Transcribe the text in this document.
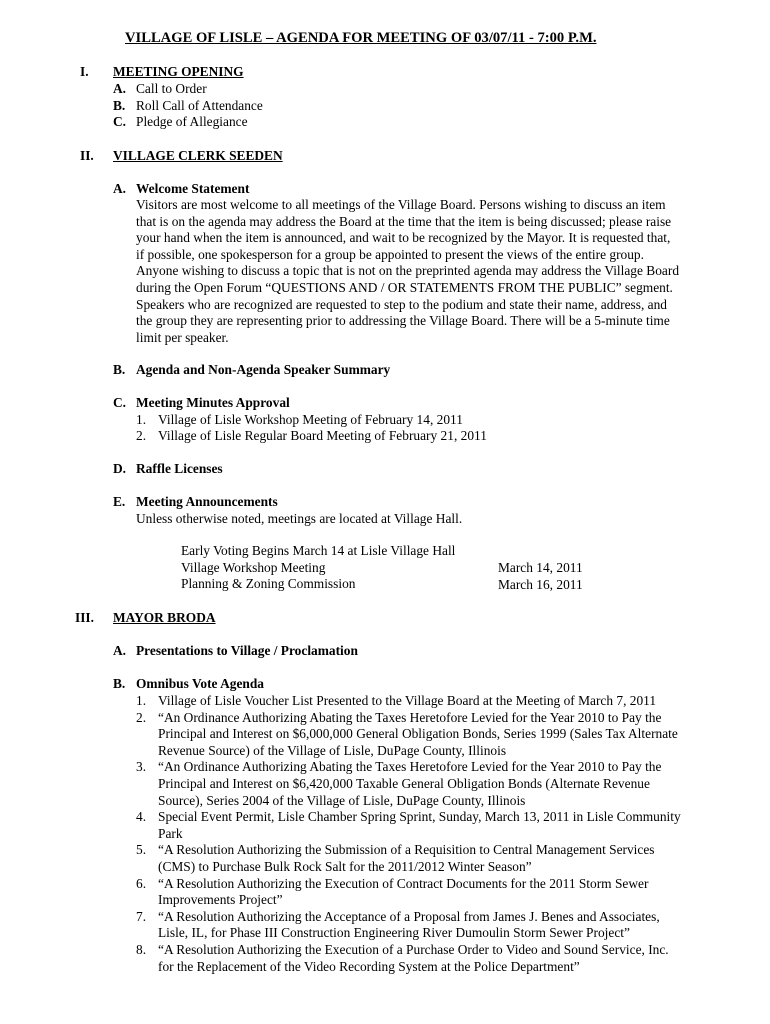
VILLAGE OF LISLE – AGENDA FOR MEETING OF 03/07/11 - 7:00 P.M.
I. MEETING OPENING
A. Call to Order
B. Roll Call of Attendance
C. Pledge of Allegiance
II. VILLAGE CLERK SEEDEN
A. Welcome Statement
Visitors are most welcome to all meetings of the Village Board. Persons wishing to discuss an item
that is on the agenda may address the Board at the time that the item is being discussed; please raise
your hand when the item is announced, and wait to be recognized by the Mayor. It is requested that,
if possible, one spokesperson for a group be appointed to present the views of the entire group.
Anyone wishing to discuss a topic that is not on the preprinted agenda may address the Village Board
during the Open Forum “QUESTIONS AND / OR STATEMENTS FROM THE PUBLIC” segment.
Speakers who are recognized are requested to step to the podium and state their name, address, and
the group they are representing prior to addressing the Village Board. There will be a 5-minute time
limit per speaker.
B. Agenda and Non-Agenda Speaker Summary
C. Meeting Minutes Approval
1. Village of Lisle Workshop Meeting of February 14, 2011
2. Village of Lisle Regular Board Meeting of February 21, 2011
D. Raffle Licenses
E. Meeting Announcements
Unless otherwise noted, meetings are located at Village Hall.
Early Voting Begins March 14 at Lisle Village Hall
Village Workshop Meeting
Planning & Zoning Commission
March 14, 2011
March 16, 2011
III. MAYOR BRODA
A. Presentations to Village / Proclamation
B. Omnibus Vote Agenda
1. Village of Lisle Voucher List Presented to the Village Board at the Meeting of March 7, 2011
2. “An Ordinance Authorizing Abating the Taxes Heretofore Levied for the Year 2010 to Pay the
Principal and Interest on $6,000,000 General Obligation Bonds, Series 1999 (Sales Tax Alternate
Revenue Source) of the Village of Lisle, DuPage County, Illinois
3. “An Ordinance Authorizing Abating the Taxes Heretofore Levied for the Year 2010 to Pay the
Principal and Interest on $6,420,000 Taxable General Obligation Bonds (Alternate Revenue
Source), Series 2004 of the Village of Lisle, DuPage County, Illinois
4. Special Event Permit, Lisle Chamber Spring Sprint, Sunday, March 13, 2011 in Lisle Community
Park
5. “A Resolution Authorizing the Submission of a Requisition to Central Management Services
(CMS) to Purchase Bulk Rock Salt for the 2011/2012 Winter Season”
6. “A Resolution Authorizing the Execution of Contract Documents for the 2011 Storm Sewer
Improvements Project”
7. “A Resolution Authorizing the Acceptance of a Proposal from James J. Benes and Associates,
Lisle, IL, for Phase III Construction Engineering River Dumoulin Storm Sewer Project”
8. “A Resolution Authorizing the Execution of a Purchase Order to Video and Sound Service, Inc.
for the Replacement of the Video Recording System at the Police Department”
